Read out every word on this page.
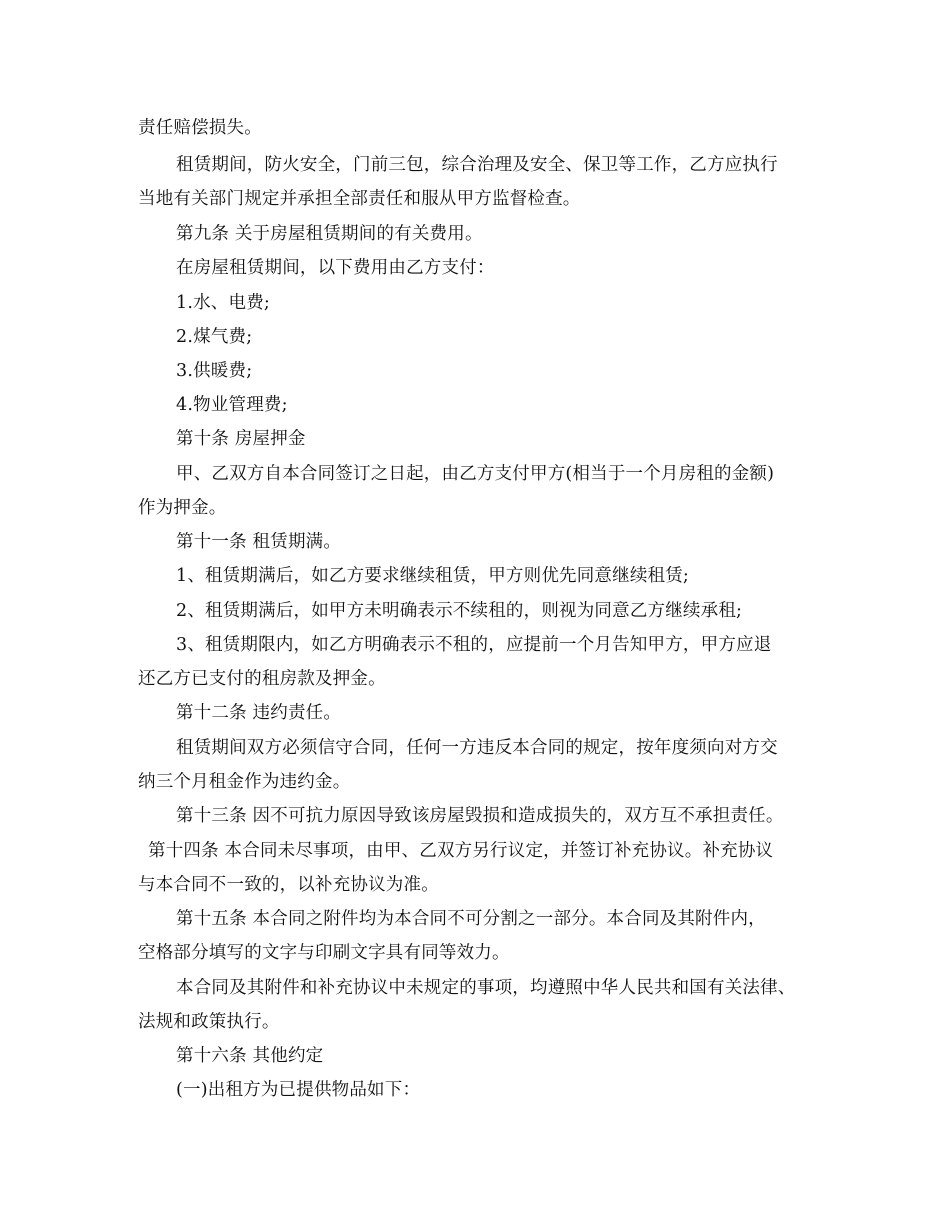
责任赔偿损失。
租赁期间，防火安全，门前三包，综合治理及安全、保卫等工作，乙方应执行
当地有关部门规定并承担全部责任和服从甲方监督检查。
第九条 关于房屋租赁期间的有关费用。
在房屋租赁期间，以下费用由乙方支付：
1.水、电费;
2.煤气费;
3.供暖费;
4.物业管理费;
第十条 房屋押金
甲、乙双方自本合同签订之日起，由乙方支付甲方(相当于一个月房租的金额)
作为押金。
第十一条 租赁期满。
1、租赁期满后，如乙方要求继续租赁，甲方则优先同意继续租赁;
2、租赁期满后，如甲方未明确表示不续租的，则视为同意乙方继续承租;
3、租赁期限内，如乙方明确表示不租的，应提前一个月告知甲方，甲方应退
还乙方已支付的租房款及押金。
第十二条 违约责任。
租赁期间双方必须信守合同，任何一方违反本合同的规定，按年度须向对方交
纳三个月租金作为违约金。
第十三条 因不可抗力原因导致该房屋毁损和造成损失的，双方互不承担责任。
第十四条 本合同未尽事项，由甲、乙双方另行议定，并签订补充协议。补充协议
与本合同不一致的，以补充协议为准。
第十五条 本合同之附件均为本合同不可分割之一部分。本合同及其附件内，
空格部分填写的文字与印刷文字具有同等效力。
本合同及其附件和补充协议中未规定的事项，均遵照中华人民共和国有关法律、
法规和政策执行。
第十六条 其他约定
(一)出租方为已提供物品如下：
